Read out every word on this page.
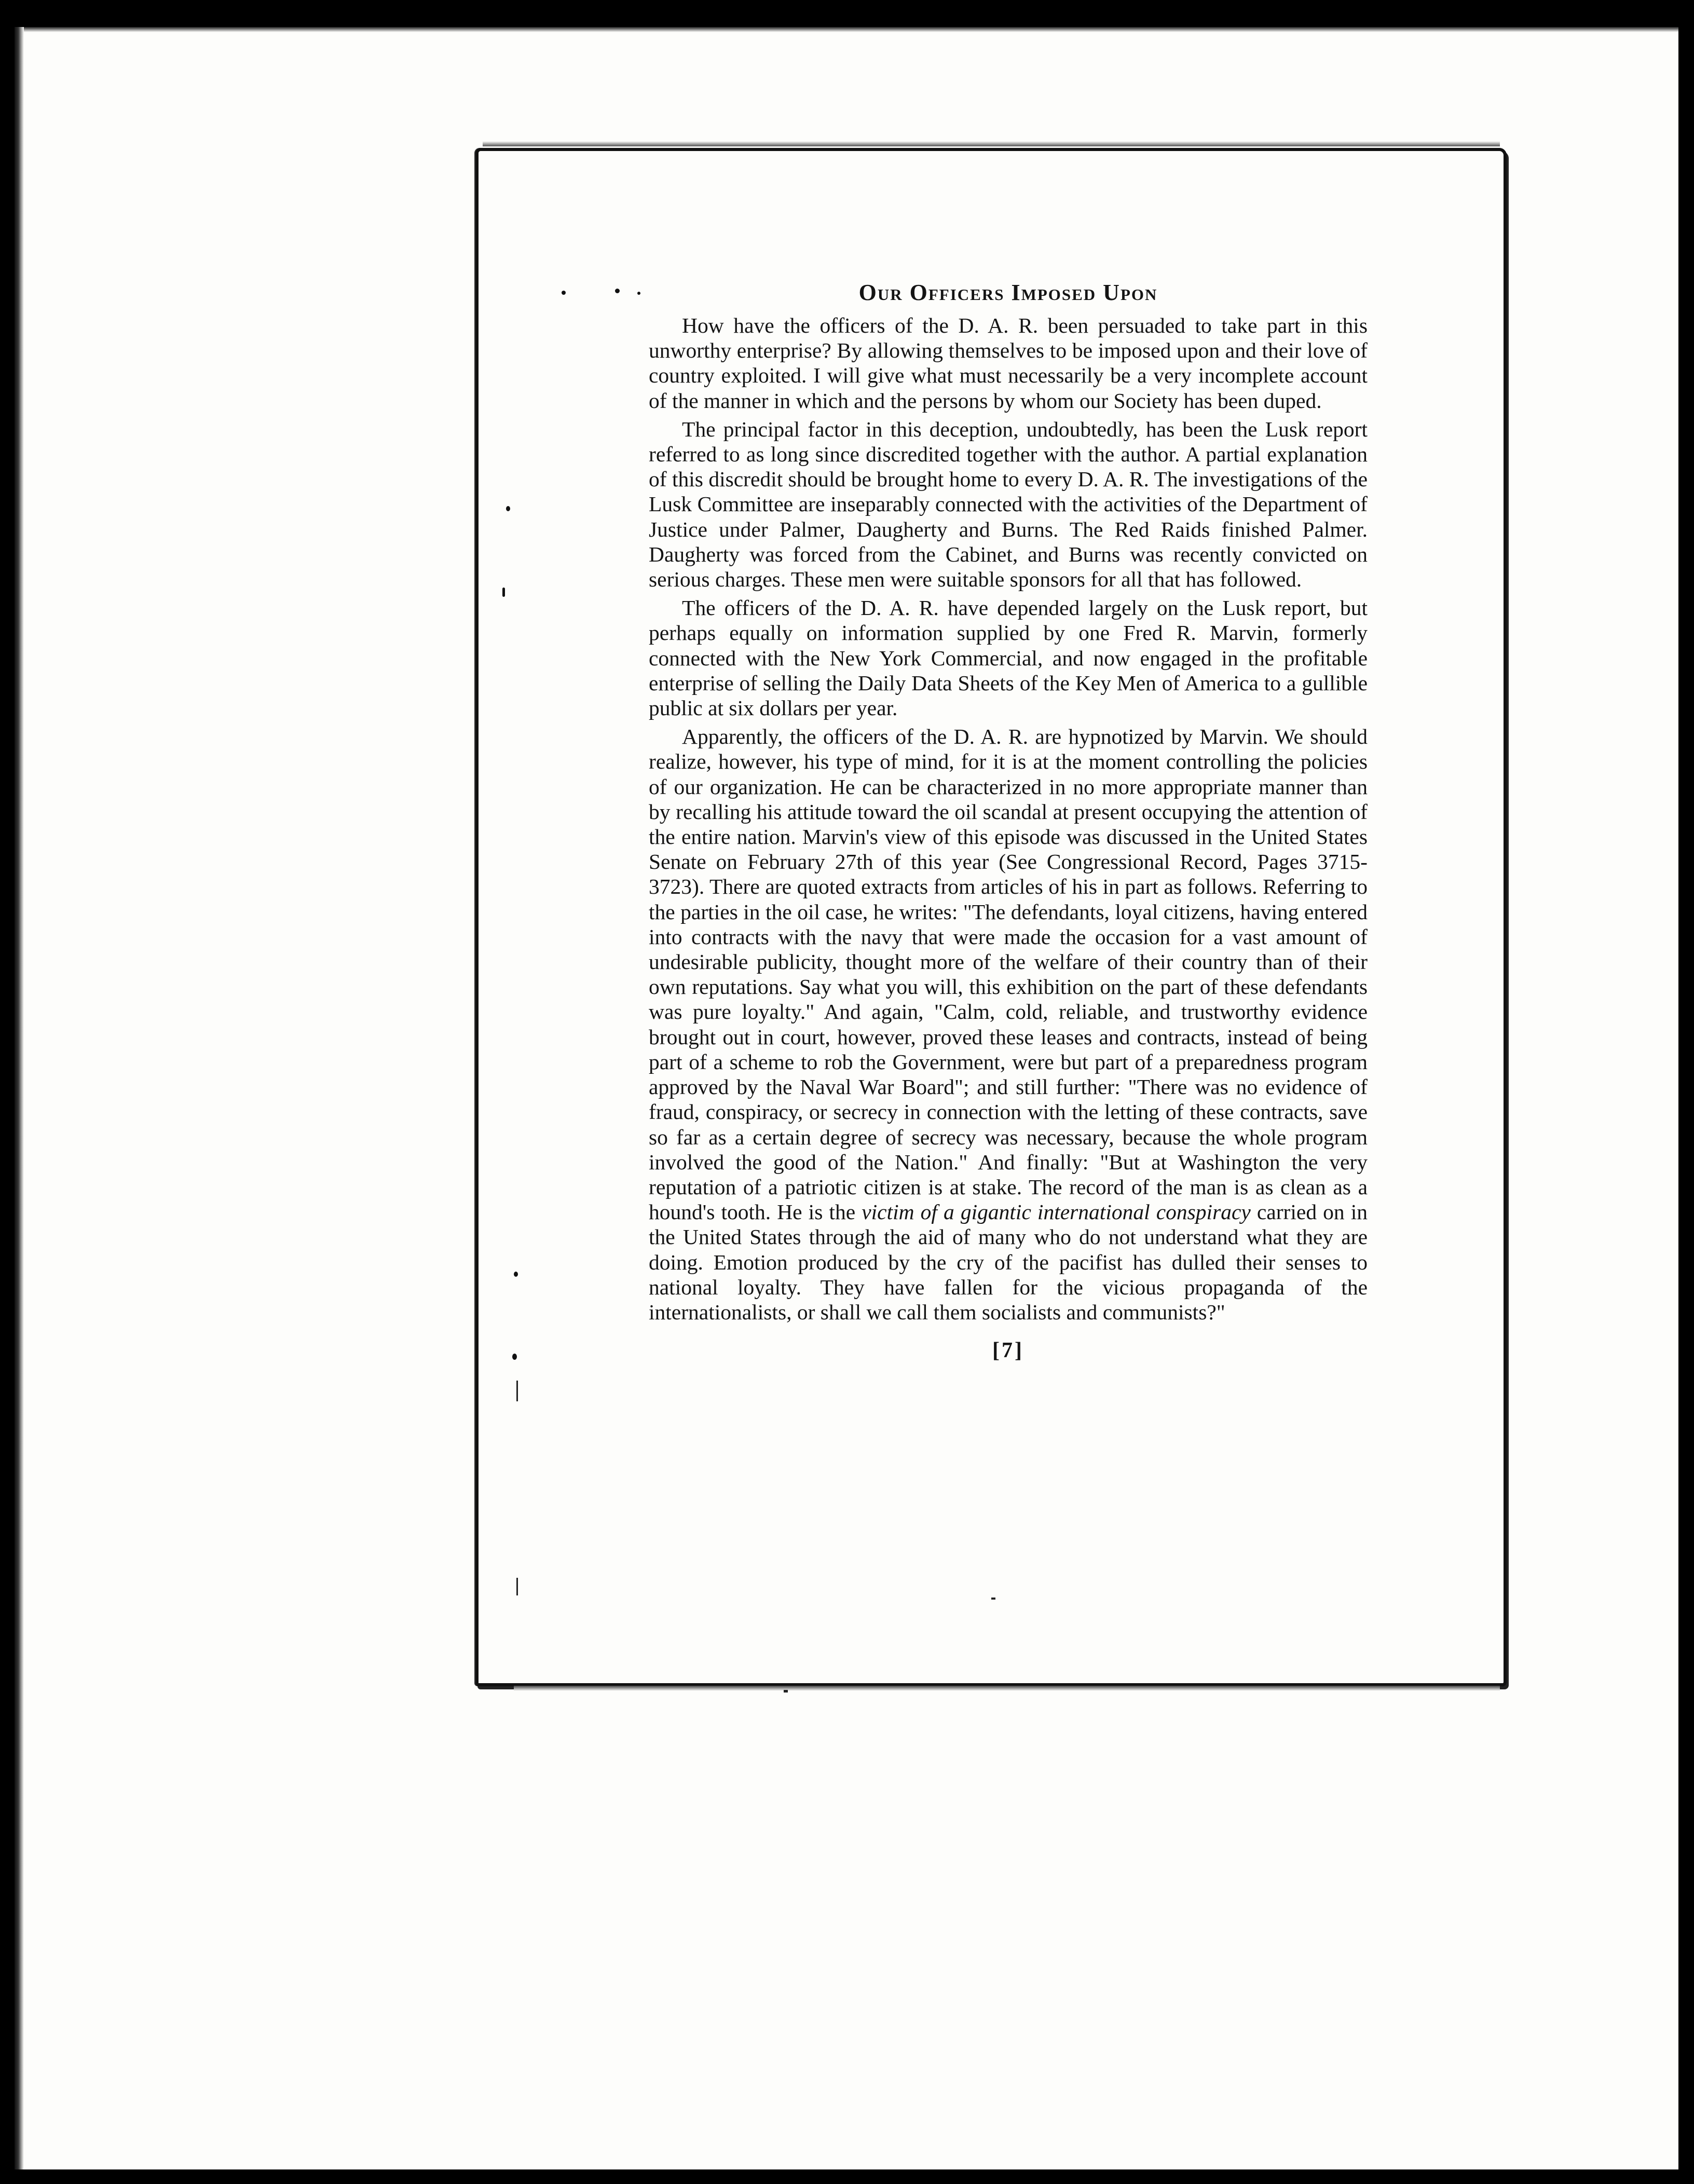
Our Officers Imposed Upon

How have the officers of the D. A. R. been persuaded to take part in this unworthy enterprise? By allowing themselves to be imposed upon and their love of country exploited. I will give what must necessarily be a very incomplete account of the manner in which and the persons by whom our Society has been duped.

The principal factor in this deception, undoubtedly, has been the Lusk report referred to as long since discredited together with the author. A partial explanation of this discredit should be brought home to every D. A. R. The investigations of the Lusk Committee are inseparably connected with the activities of the Department of Justice under Palmer, Daugherty and Burns. The Red Raids finished Palmer. Daugherty was forced from the Cabinet, and Burns was recently convicted on serious charges. These men were suitable sponsors for all that has followed.

The officers of the D. A. R. have depended largely on the Lusk report, but perhaps equally on information supplied by one Fred R. Marvin, formerly connected with the New York Commercial, and now engaged in the profitable enterprise of selling the Daily Data Sheets of the Key Men of America to a gullible public at six dollars per year.

Apparently, the officers of the D. A. R. are hypnotized by Marvin. We should realize, however, his type of mind, for it is at the moment controlling the policies of our organization. He can be characterized in no more appropriate manner than by recalling his attitude toward the oil scandal at present occupying the attention of the entire nation. Marvin's view of this episode was discussed in the United States Senate on February 27th of this year (See Congressional Record, Pages 3715-3723). There are quoted extracts from articles of his in part as follows. Referring to the parties in the oil case, he writes: "The defendants, loyal citizens, having entered into contracts with the navy that were made the occasion for a vast amount of undesirable publicity, thought more of the welfare of their country than of their own reputations. Say what you will, this exhibition on the part of these defendants was pure loyalty." And again, "Calm, cold, reliable, and trustworthy evidence brought out in court, however, proved these leases and contracts, instead of being part of a scheme to rob the Government, were but part of a preparedness program approved by the Naval War Board"; and still further: "There was no evidence of fraud, conspiracy, or secrecy in connection with the letting of these contracts, save so far as a certain degree of secrecy was necessary, because the whole program involved the good of the Nation." And finally: "But at Washington the very reputation of a patriotic citizen is at stake. The record of the man is as clean as a hound's tooth. He is the victim of a gigantic international conspiracy carried on in the United States through the aid of many who do not understand what they are doing. Emotion produced by the cry of the pacifist has dulled their senses to national loyalty. They have fallen for the vicious propaganda of the internationalists, or shall we call them socialists and communists?"

[7]
